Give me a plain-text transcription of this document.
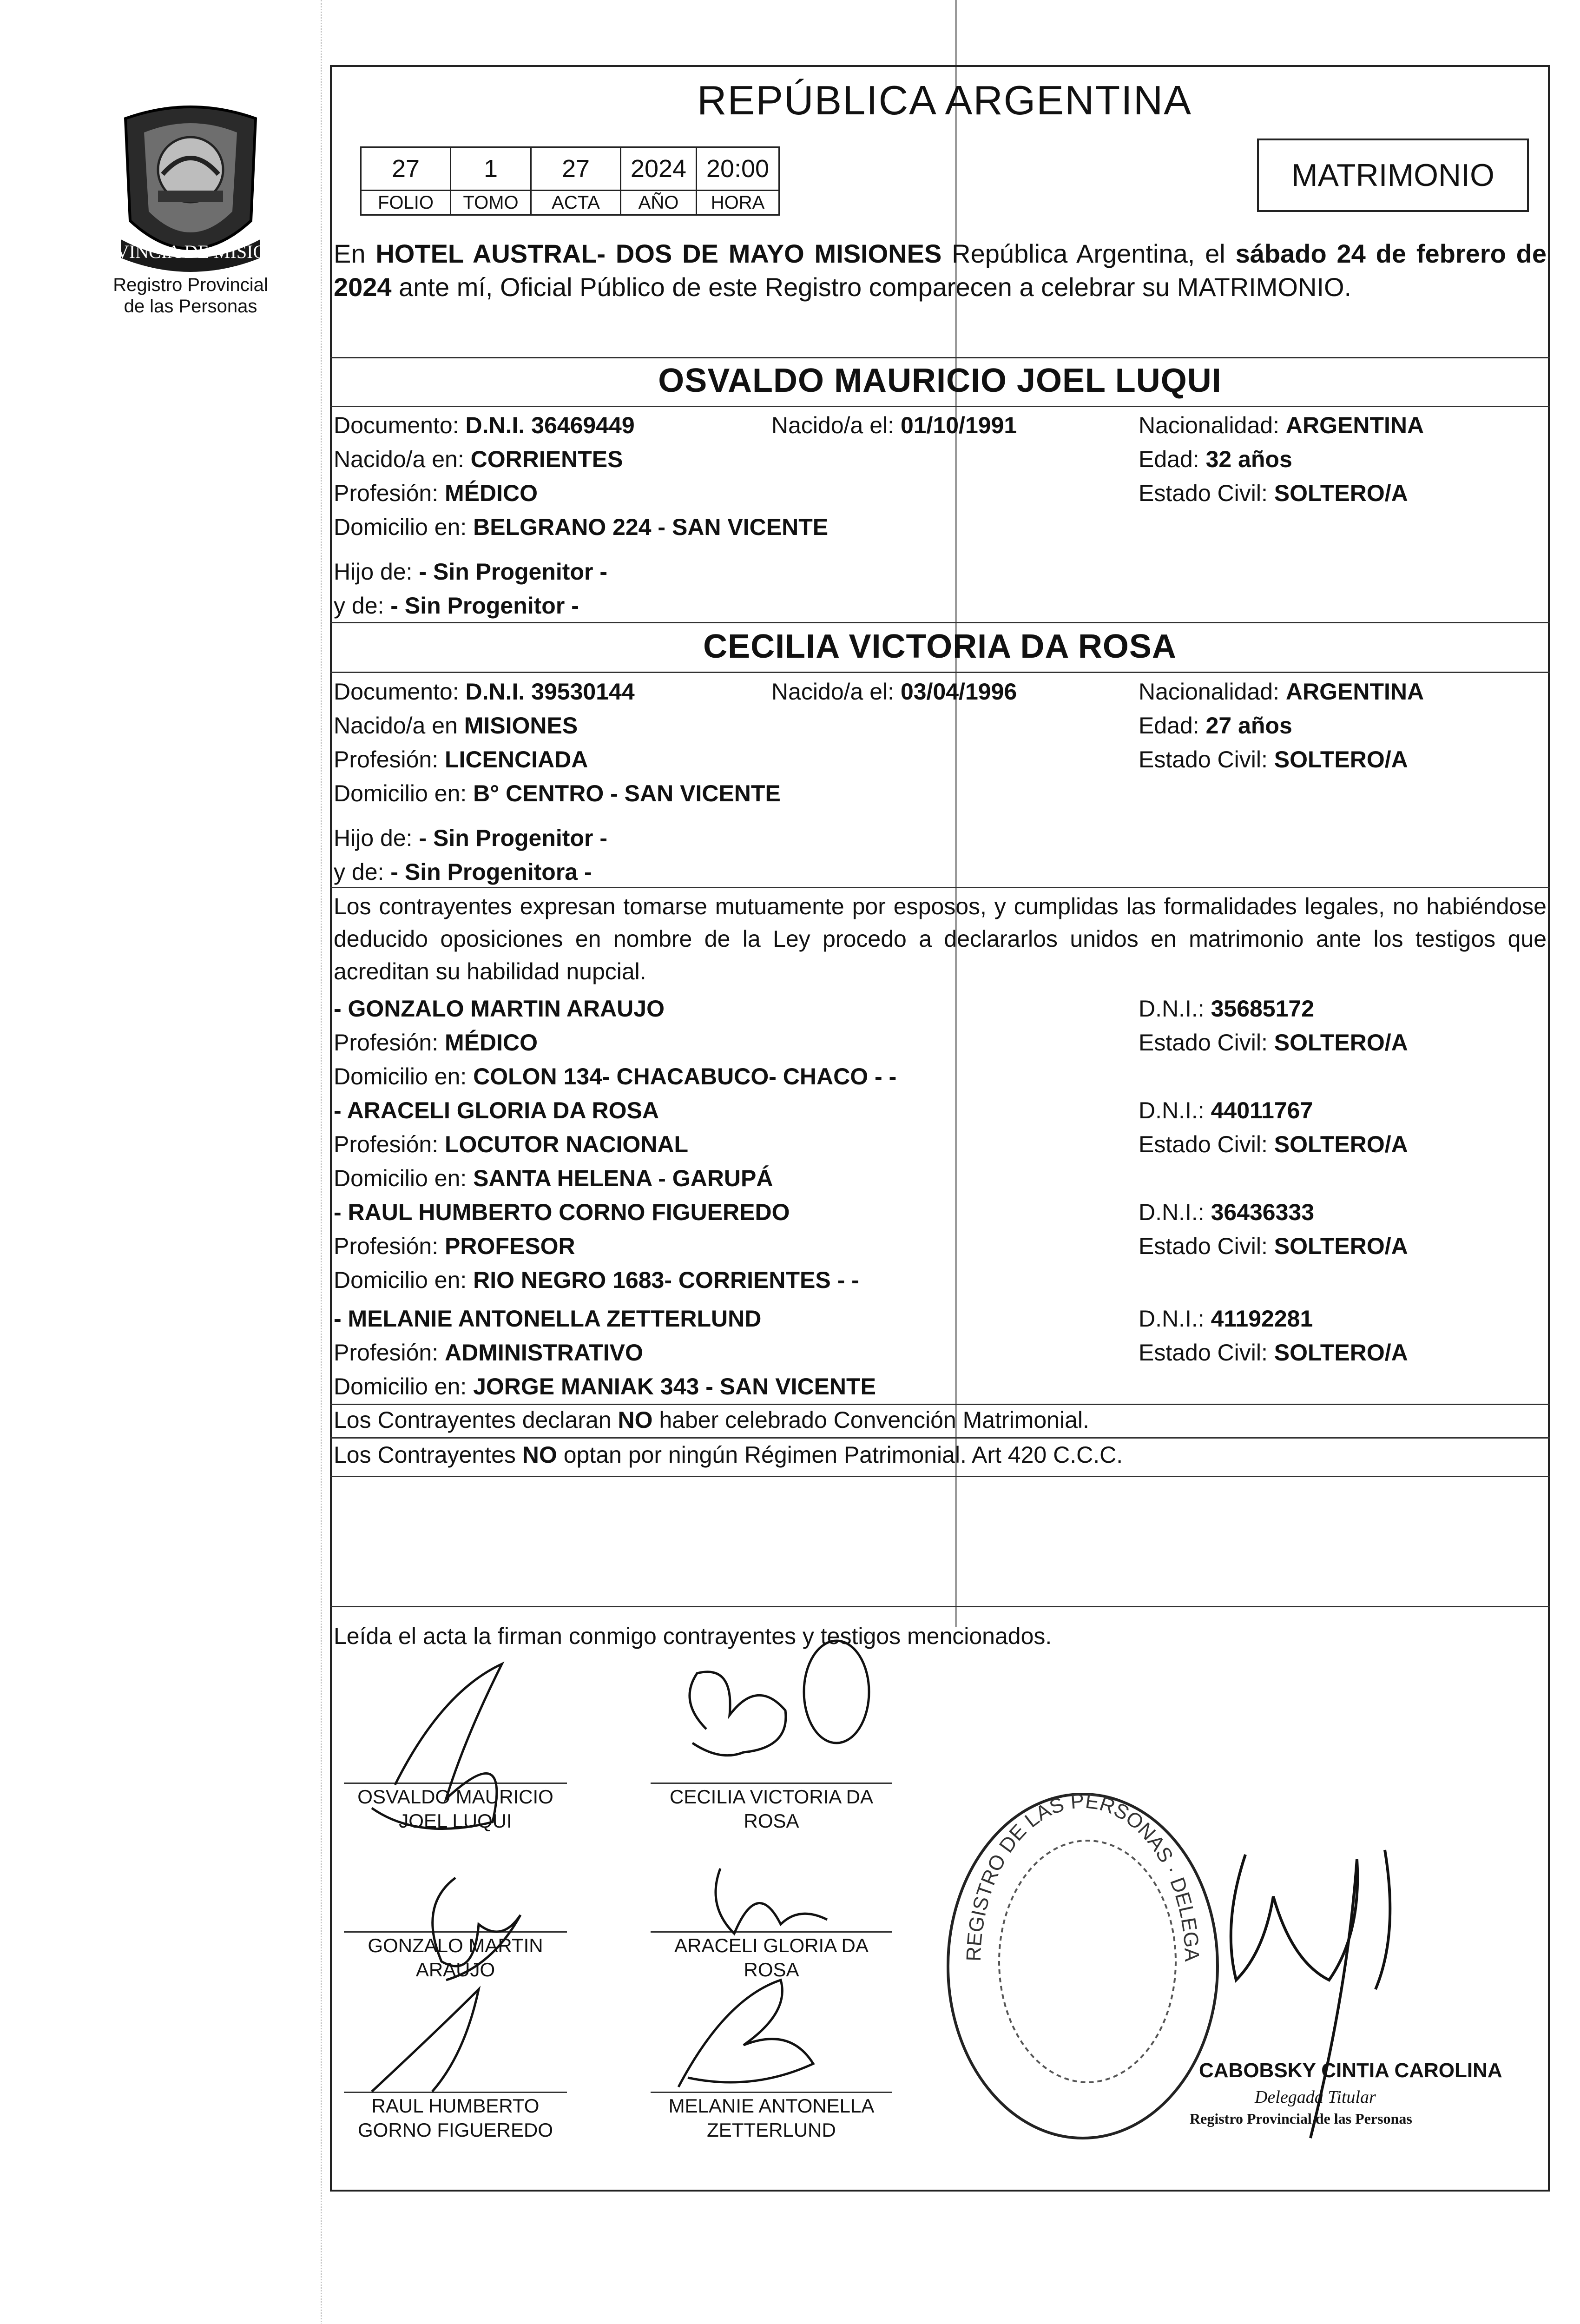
PROVINCIA DE MISIONES
Registro Provincial
de las Personas
REPÚBLICA ARGENTINA
27	1	27	2024	20:00
FOLIO	TOMO	ACTA	AÑO	HORA
MATRIMONIO
En HOTEL AUSTRAL- DOS DE MAYO MISIONES República Argentina, el sábado 24 de febrero de 2024 ante mí, Oficial Público de este Registro comparecen a celebrar su MATRIMONIO.
OSVALDO MAURICIO JOEL LUQUI
Documento: D.N.I. 36469449	Nacido/a el: 01/10/1991	Nacionalidad: ARGENTINA
Nacido/a en: CORRIENTES	Edad: 32 años
Profesión: MÉDICO	Estado Civil: SOLTERO/A
Domicilio en: BELGRANO 224 - SAN VICENTE
Hijo de: - Sin Progenitor -
y de: - Sin Progenitor -
CECILIA VICTORIA DA ROSA
Documento: D.N.I. 39530144	Nacido/a el: 03/04/1996	Nacionalidad: ARGENTINA
Nacido/a en MISIONES	Edad: 27 años
Profesión: LICENCIADA	Estado Civil: SOLTERO/A
Domicilio en: B° CENTRO - SAN VICENTE
Hijo de: - Sin Progenitor -
y de: - Sin Progenitora -
Los contrayentes expresan tomarse mutuamente por esposos, y cumplidas las formalidades legales, no habiéndose deducido oposiciones en nombre de la Ley procedo a declararlos unidos en matrimonio ante los testigos que acreditan su habilidad nupcial.
- GONZALO MARTIN ARAUJO	D.N.I.: 35685172
Profesión: MÉDICO	Estado Civil: SOLTERO/A
Domicilio en: COLON 134- CHACABUCO- CHACO - -
- ARACELI GLORIA DA ROSA	D.N.I.: 44011767
Profesión: LOCUTOR NACIONAL	Estado Civil: SOLTERO/A
Domicilio en: SANTA HELENA - GARUPÁ
- RAUL HUMBERTO CORNO FIGUEREDO	D.N.I.: 36436333
Profesión: PROFESOR	Estado Civil: SOLTERO/A
Domicilio en: RIO NEGRO 1683- CORRIENTES - -
- MELANIE ANTONELLA ZETTERLUND	D.N.I.: 41192281
Profesión: ADMINISTRATIVO	Estado Civil: SOLTERO/A
Domicilio en: JORGE MANIAK 343 - SAN VICENTE
Los Contrayentes declaran NO haber celebrado Convención Matrimonial.
Los Contrayentes NO optan por ningún Régimen Patrimonial. Art 420 C.C.C.
Leída el acta la firman conmigo contrayentes y testigos mencionados.
OSVALDO MAURICIO
JOEL LUQUI
CECILIA VICTORIA DA
ROSA
GONZALO MARTIN
ARAUJO
ARACELI GLORIA DA
ROSA
RAUL HUMBERTO
GORNO FIGUEREDO
MELANIE ANTONELLA
ZETTERLUND
REGISTRO DE LAS PERSONAS · DELEGA
CABOBSKY CINTIA CAROLINA
Delegada Titular
Registro Provincial de las Personas
